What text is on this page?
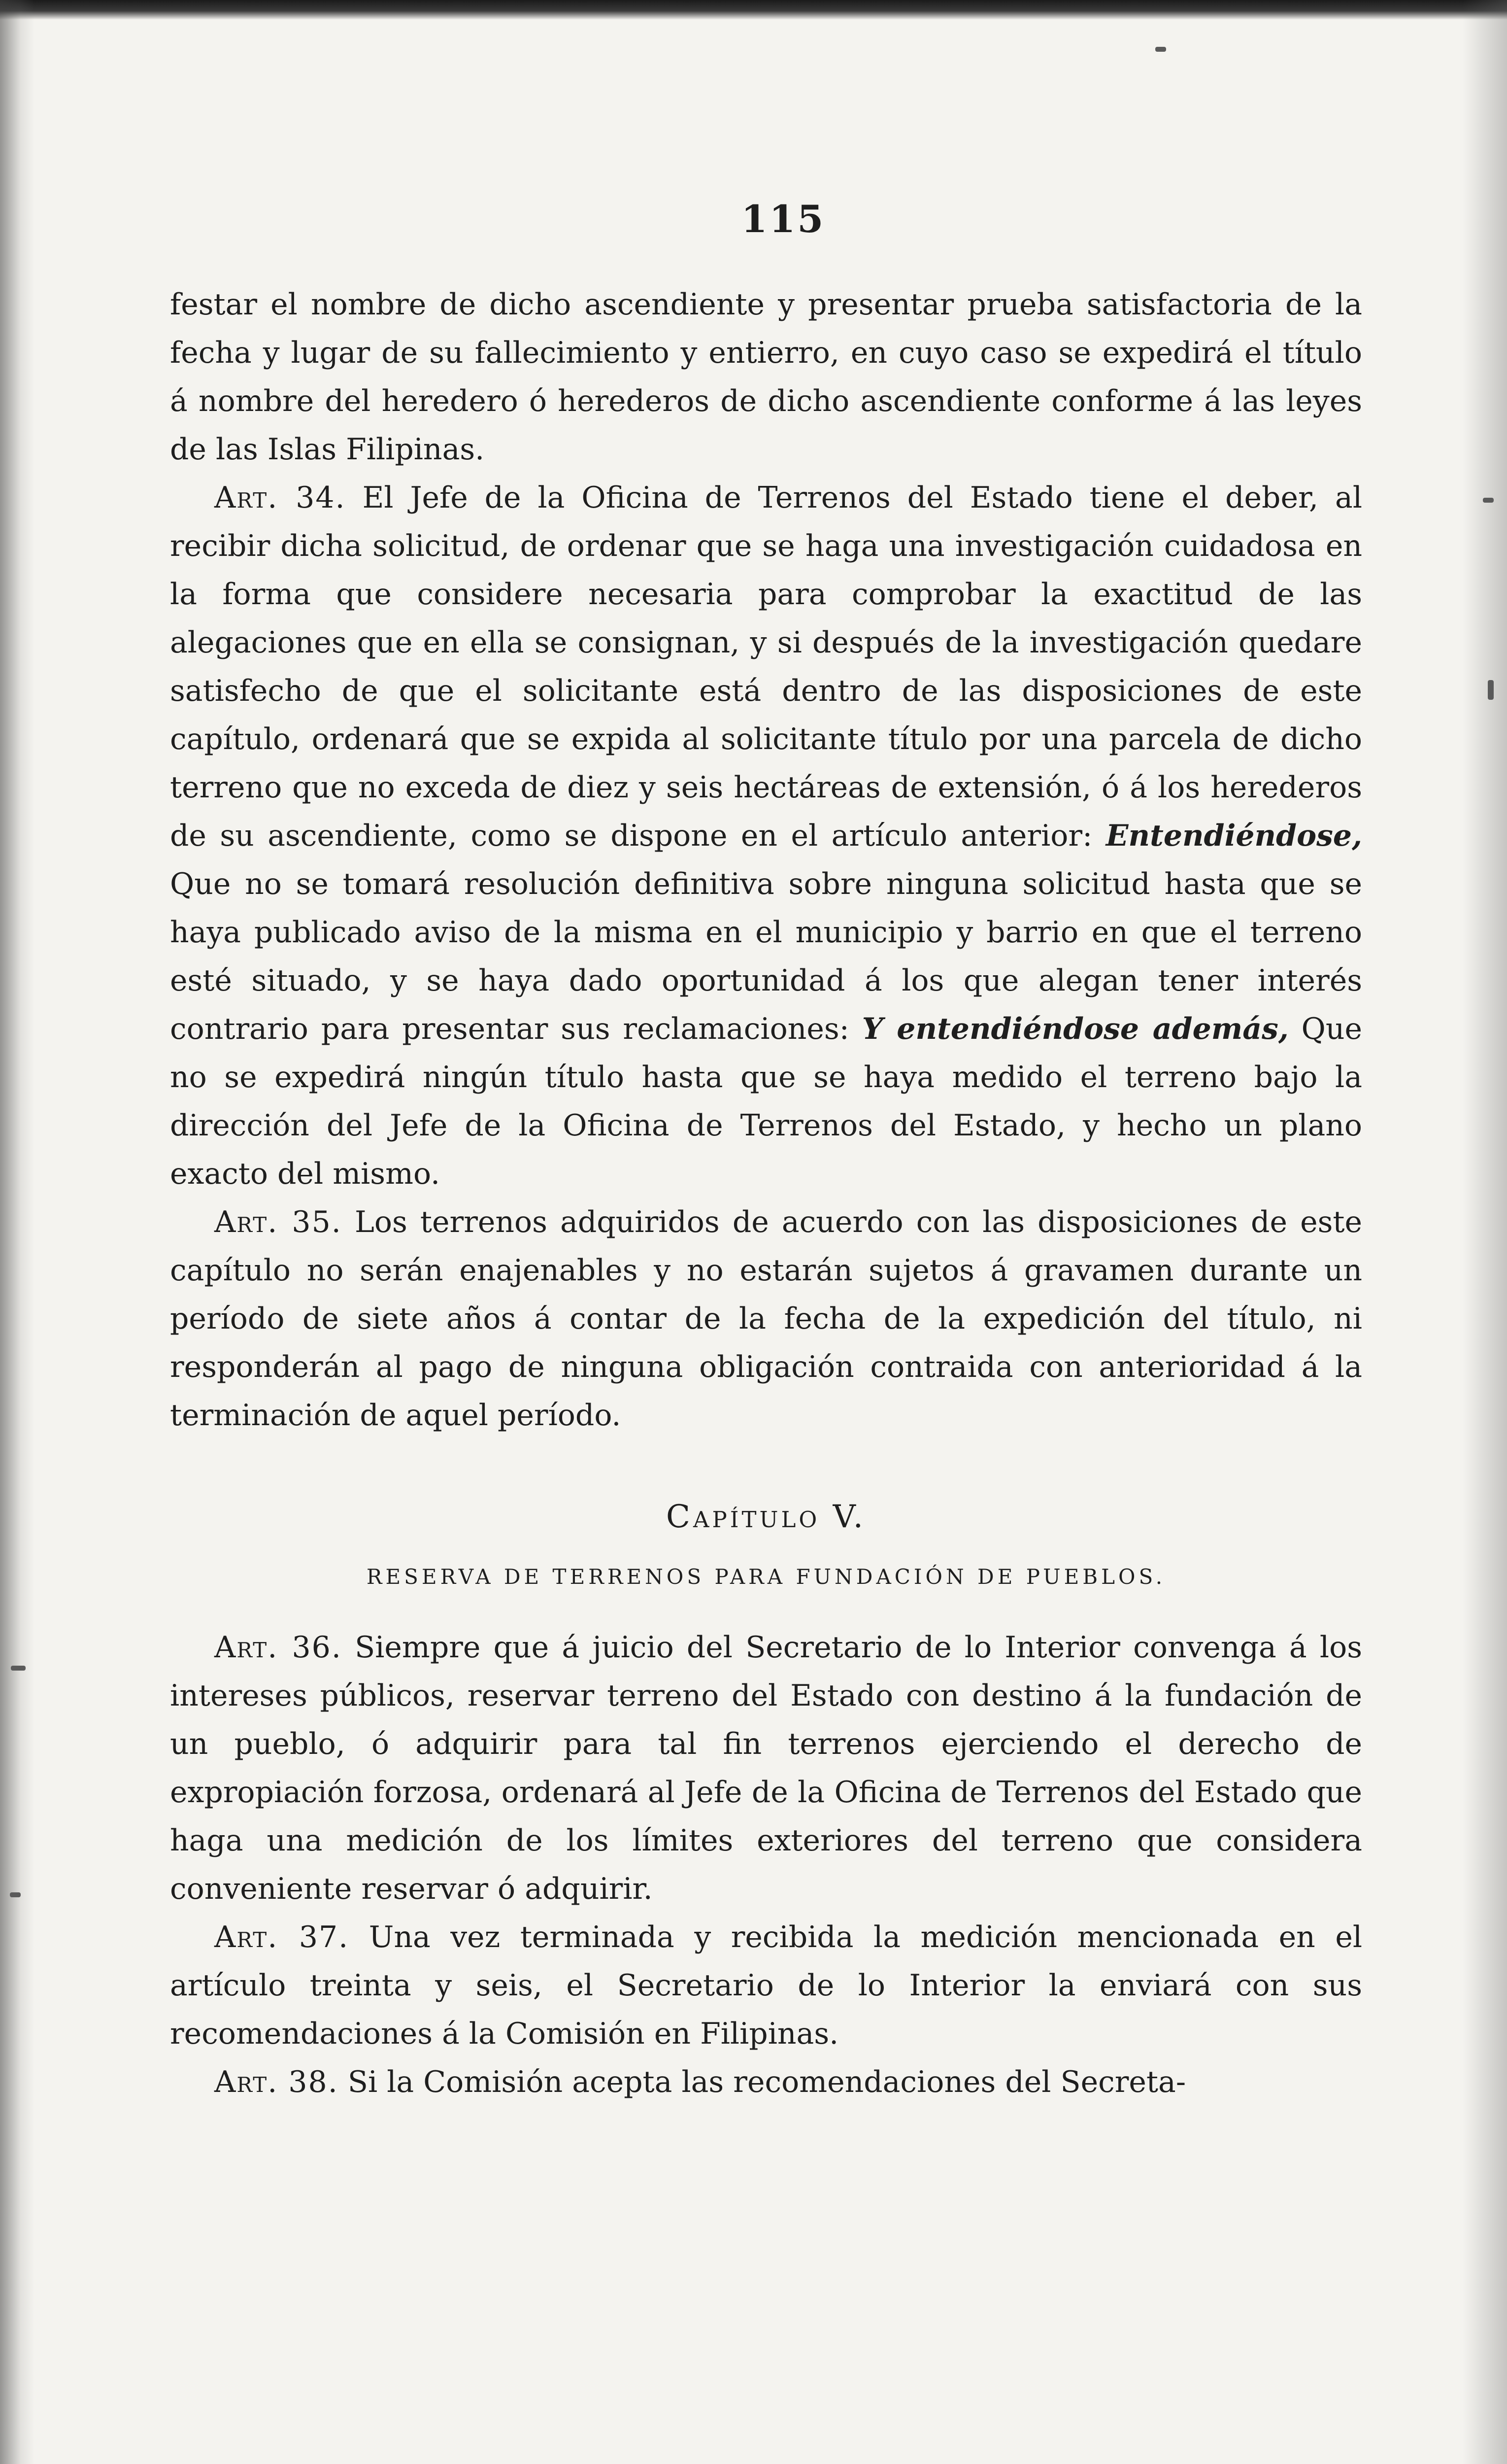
115

festar el nombre de dicho ascendiente y presentar prueba satisfactoria de la fecha y lugar de su fallecimiento y entierro, en cuyo caso se expedirá el título á nombre del heredero ó herederos de dicho ascendiente conforme á las leyes de las Islas Filipinas.

Art. 34. El Jefe de la Oficina de Terrenos del Estado tiene el deber, al recibir dicha solicitud, de ordenar que se haga una investigación cuidadosa en la forma que considere necesaria para comprobar la exactitud de las alegaciones que en ella se consignan, y si después de la investigación quedare satisfecho de que el solicitante está dentro de las disposiciones de este capítulo, ordenará que se expida al solicitante título por una parcela de dicho terreno que no exceda de diez y seis hectáreas de extensión, ó á los herederos de su ascendiente, como se dispone en el artículo anterior: Entendiéndose, Que no se tomará resolución definitiva sobre ninguna solicitud hasta que se haya publicado aviso de la misma en el municipio y barrio en que el terreno esté situado, y se haya dado oportunidad á los que alegan tener interés contrario para presentar sus reclamaciones: Y entendiéndose además, Que no se expedirá ningún título hasta que se haya medido el terreno bajo la dirección del Jefe de la Oficina de Terrenos del Estado, y hecho un plano exacto del mismo.

Art. 35. Los terrenos adquiridos de acuerdo con las disposiciones de este capítulo no serán enajenables y no estarán sujetos á gravamen durante un período de siete años á contar de la fecha de la expedición del título, ni responderán al pago de ninguna obligación contraida con anterioridad á la terminación de aquel período.

Capítulo V.
RESERVA DE TERRENOS PARA FUNDACIÓN DE PUEBLOS.

Art. 36. Siempre que á juicio del Secretario de lo Interior convenga á los intereses públicos, reservar terreno del Estado con destino á la fundación de un pueblo, ó adquirir para tal fin terrenos ejerciendo el derecho de expropiación forzosa, ordenará al Jefe de la Oficina de Terrenos del Estado que haga una medición de los límites exteriores del terreno que considera conveniente reservar ó adquirir.

Art. 37. Una vez terminada y recibida la medición mencionada en el artículo treinta y seis, el Secretario de lo Interior la enviará con sus recomendaciones á la Comisión en Filipinas.

Art. 38. Si la Comisión acepta las recomendaciones del Secreta-
